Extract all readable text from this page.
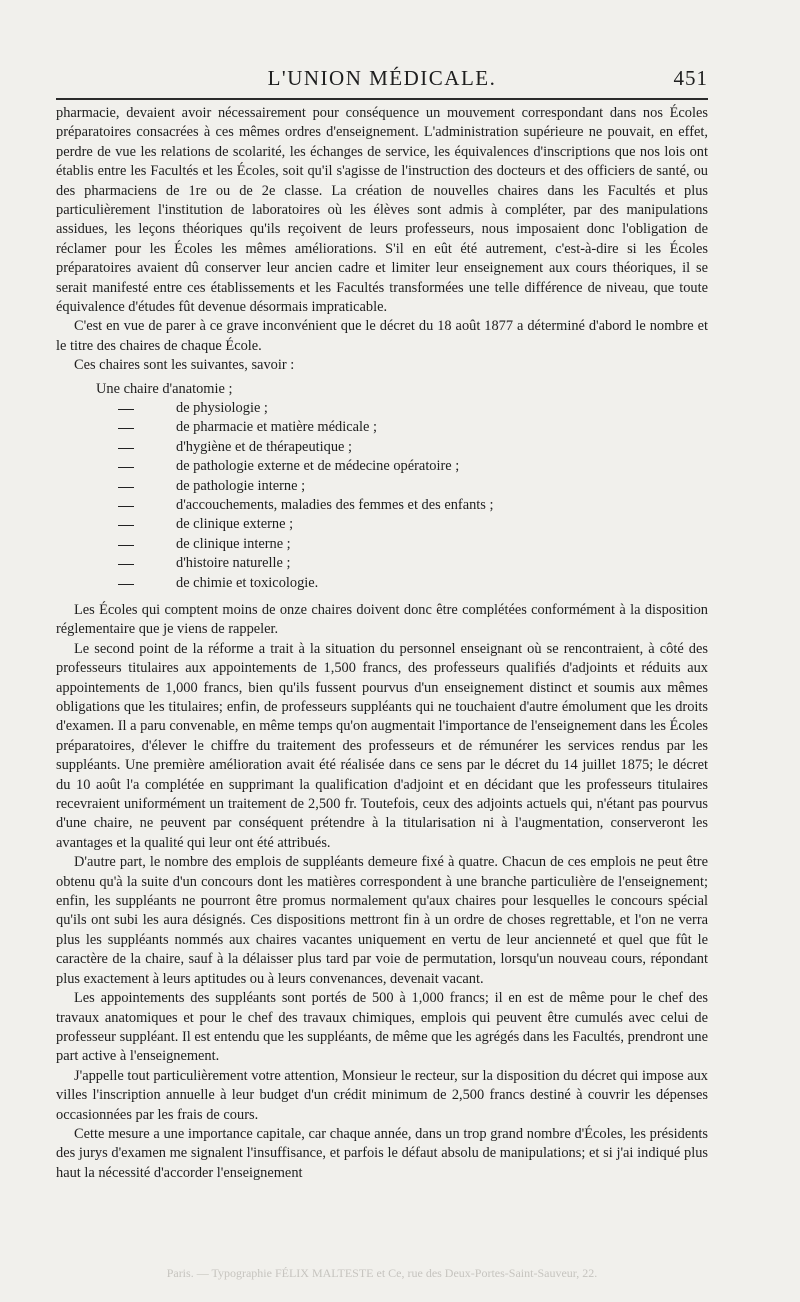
L'UNION MÉDICALE.	451

pharmacie, devaient avoir nécessairement pour conséquence un mouvement correspondant dans nos Écoles préparatoires consacrées à ces mêmes ordres d'enseignement. L'administration supérieure ne pouvait, en effet, perdre de vue les relations de scolarité, les échanges de service, les équivalences d'inscriptions que nos lois ont établis entre les Facultés et les Écoles, soit qu'il s'agisse de l'instruction des docteurs et des officiers de santé, ou des pharmaciens de 1re ou de 2e classe. La création de nouvelles chaires dans les Facultés et plus particulièrement l'institution de laboratoires où les élèves sont admis à compléter, par des manipulations assidues, les leçons théoriques qu'ils reçoivent de leurs professeurs, nous imposaient donc l'obligation de réclamer pour les Écoles les mêmes améliorations. S'il en eût été autrement, c'est-à-dire si les Écoles préparatoires avaient dû conserver leur ancien cadre et limiter leur enseignement aux cours théoriques, il se serait manifesté entre ces établissements et les Facultés transformées une telle différence de niveau, que toute équivalence d'études fût devenue désormais impraticable.

C'est en vue de parer à ce grave inconvénient que le décret du 18 août 1877 a déterminé d'abord le nombre et le titre des chaires de chaque École.

Ces chaires sont les suivantes, savoir :

Une chaire d'anatomie ;
de physiologie ;
de pharmacie et matière médicale ;
d'hygiène et de thérapeutique ;
de pathologie externe et de médecine opératoire ;
de pathologie interne ;
d'accouchements, maladies des femmes et des enfants ;
de clinique externe ;
de clinique interne ;
d'histoire naturelle ;
de chimie et toxicologie.

Les Écoles qui comptent moins de onze chaires doivent donc être complétées conformément à la disposition réglementaire que je viens de rappeler.

Le second point de la réforme a trait à la situation du personnel enseignant où se rencontraient, à côté des professeurs titulaires aux appointements de 1,500 francs, des professeurs qualifiés d'adjoints et réduits aux appointements de 1,000 francs, bien qu'ils fussent pourvus d'un enseignement distinct et soumis aux mêmes obligations que les titulaires; enfin, de professeurs suppléants qui ne touchaient d'autre émolument que les droits d'examen. Il a paru convenable, en même temps qu'on augmentait l'importance de l'enseignement dans les Écoles préparatoires, d'élever le chiffre du traitement des professeurs et de rémunérer les services rendus par les suppléants. Une première amélioration avait été réalisée dans ce sens par le décret du 14 juillet 1875; le décret du 10 août l'a complétée en supprimant la qualification d'adjoint et en décidant que les professeurs titulaires recevraient uniformément un traitement de 2,500 fr. Toutefois, ceux des adjoints actuels qui, n'étant pas pourvus d'une chaire, ne peuvent par conséquent prétendre à la titularisation ni à l'augmentation, conserveront les avantages et la qualité qui leur ont été attribués.

D'autre part, le nombre des emplois de suppléants demeure fixé à quatre. Chacun de ces emplois ne peut être obtenu qu'à la suite d'un concours dont les matières correspondent à une branche particulière de l'enseignement; enfin, les suppléants ne pourront être promus normalement qu'aux chaires pour lesquelles le concours spécial qu'ils ont subi les aura désignés. Ces dispositions mettront fin à un ordre de choses regrettable, et l'on ne verra plus les suppléants nommés aux chaires vacantes uniquement en vertu de leur ancienneté et quel que fût le caractère de la chaire, sauf à la délaisser plus tard par voie de permutation, lorsqu'un nouveau cours, répondant plus exactement à leurs aptitudes ou à leurs convenances, devenait vacant.

Les appointements des suppléants sont portés de 500 à 1,000 francs; il en est de même pour le chef des travaux anatomiques et pour le chef des travaux chimiques, emplois qui peuvent être cumulés avec celui de professeur suppléant. Il est entendu que les suppléants, de même que les agrégés dans les Facultés, prendront une part active à l'enseignement.

J'appelle tout particulièrement votre attention, Monsieur le recteur, sur la disposition du décret qui impose aux villes l'inscription annuelle à leur budget d'un crédit minimum de 2,500 francs destiné à couvrir les dépenses occasionnées par les frais de cours.

Cette mesure a une importance capitale, car chaque année, dans un trop grand nombre d'Écoles, les présidents des jurys d'examen me signalent l'insuffisance, et parfois le défaut absolu de manipulations; et si j'ai indiqué plus haut la nécessité d'accorder l'enseignement

Paris. — Typographie FÉLIX MALTESTE et Ce, rue des Deux-Portes-Saint-Sauveur, 22.
